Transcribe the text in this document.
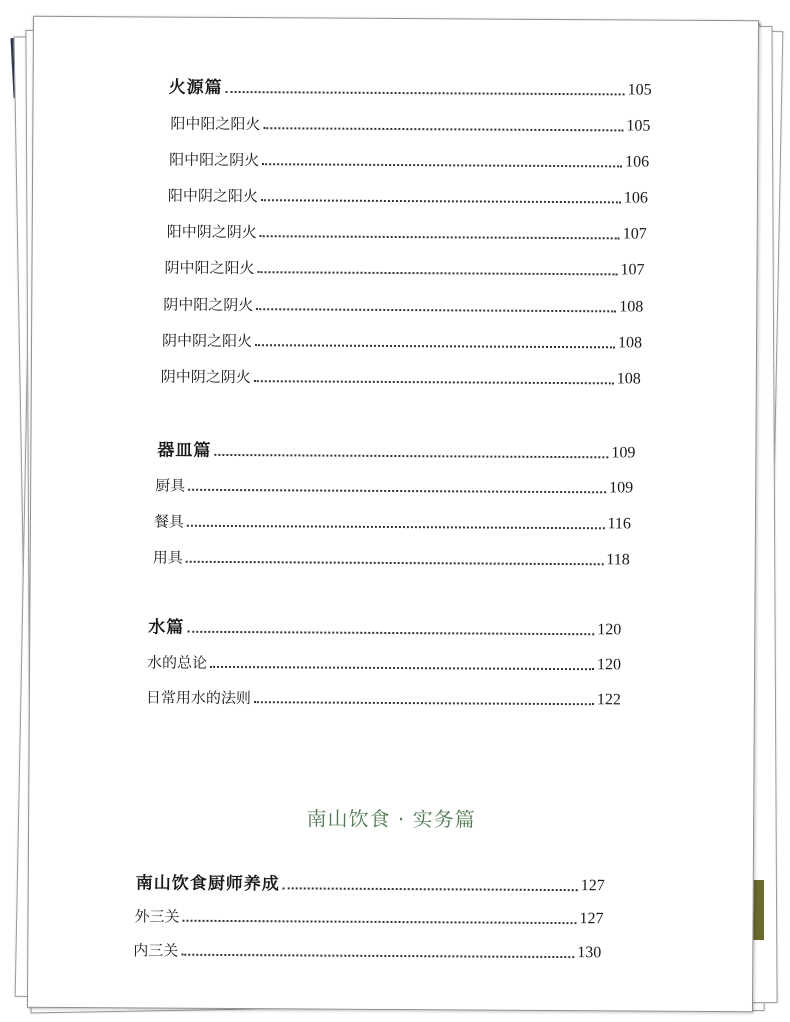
火源篇	105
阳中阳之阳火	105
阳中阳之阴火	106
阳中阴之阳火	106
阳中阴之阴火	107
阴中阳之阳火	107
阴中阳之阴火	108
阴中阴之阳火	108
阴中阴之阴火	108
器皿篇	109
厨具	109
餐具	116
用具	118
水篇	120
水的总论	120
日常用水的法则	122
南山饮食 · 实务篇
南山饮食厨师养成	127
外三关	127
内三关	130
